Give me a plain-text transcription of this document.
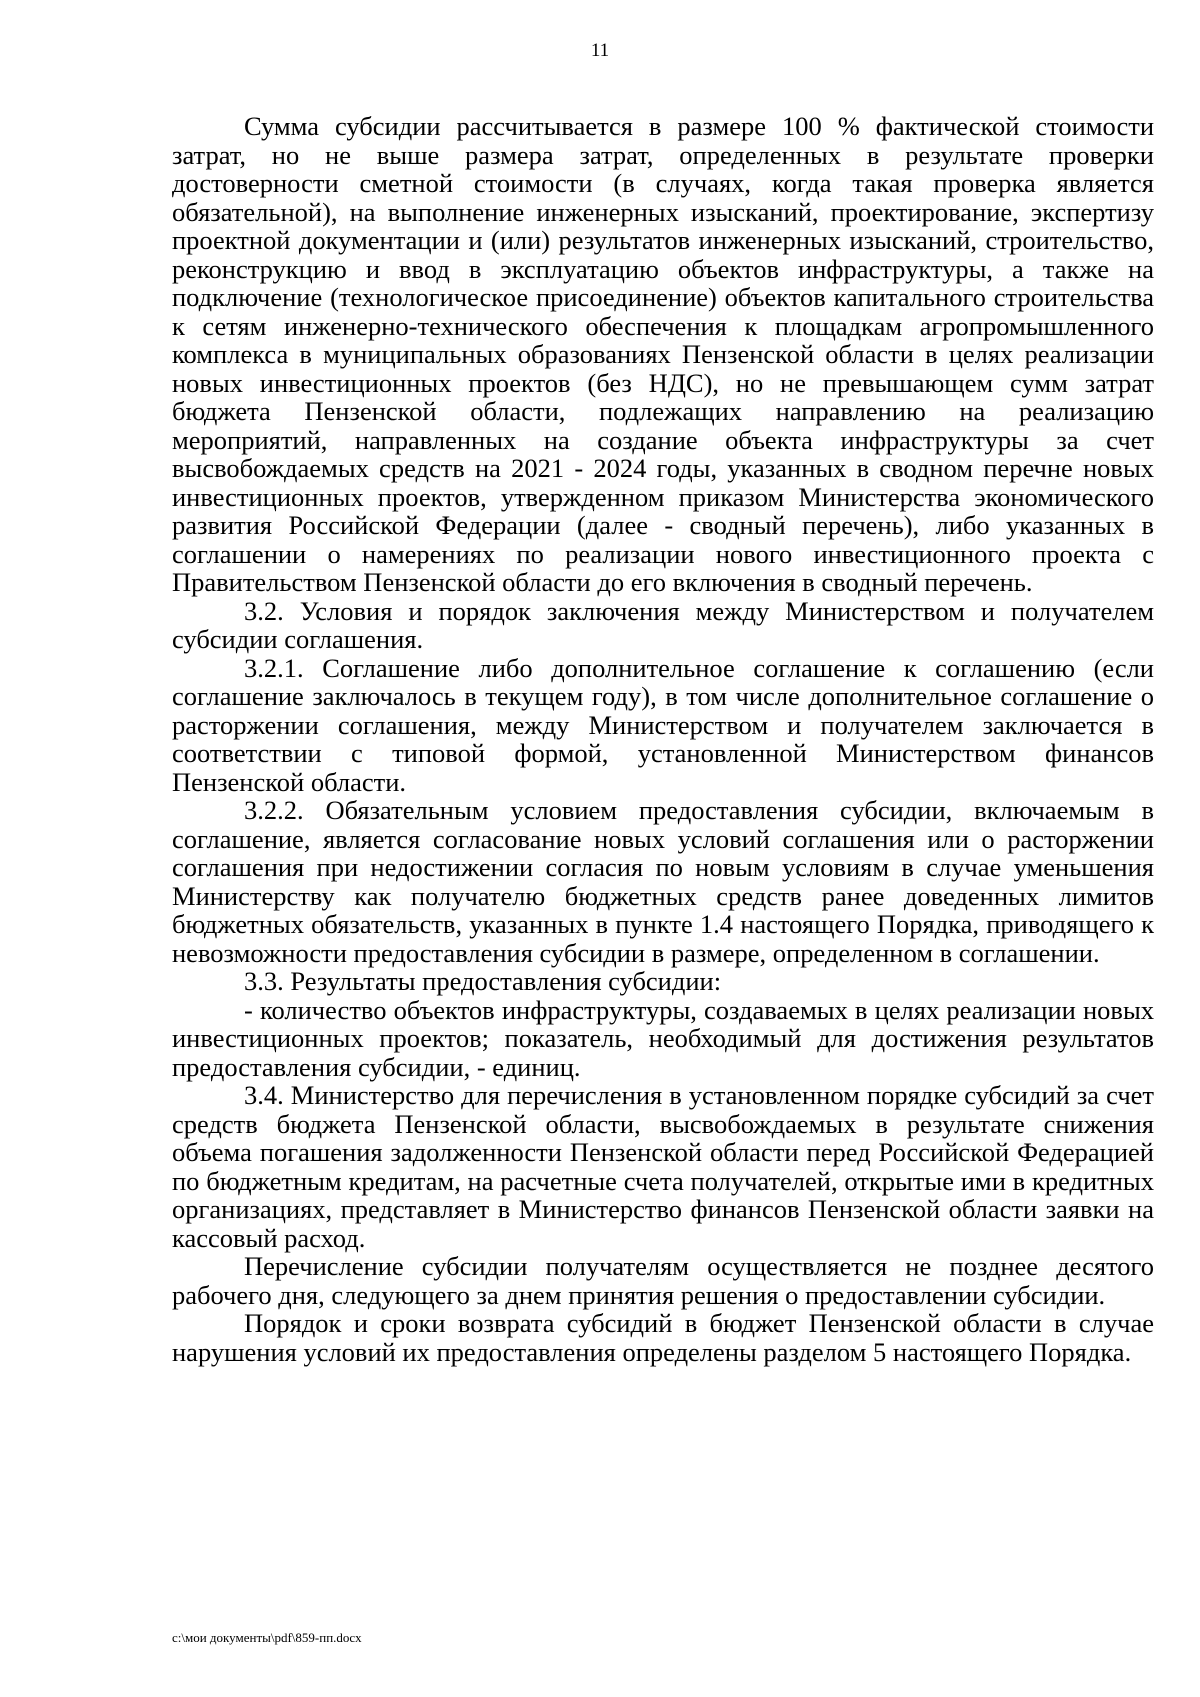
11

Сумма субсидии рассчитывается в размере 100 % фактической стоимости затрат, но не выше размера затрат, определенных в результате проверки достоверности сметной стоимости (в случаях, когда такая проверка является обязательной), на выполнение инженерных изысканий, проектирование, экспертизу проектной документации и (или) результатов инженерных изысканий, строительство, реконструкцию и ввод в эксплуатацию объектов инфраструктуры, а также на подключение (технологическое присоединение) объектов капитального строительства к сетям инженерно-технического обеспечения к площадкам агропромышленного комплекса в муниципальных образованиях Пензенской области в целях реализации новых инвестиционных проектов (без НДС), но не превышающем сумм затрат бюджета Пензенской области, подлежащих направлению на реализацию мероприятий, направленных на создание объекта инфраструктуры за счет высвобождаемых средств на 2021 - 2024 годы, указанных в сводном перечне новых инвестиционных проектов, утвержденном приказом Министерства экономического развития Российской Федерации (далее - сводный перечень), либо указанных в соглашении о намерениях по реализации нового инвестиционного проекта с Правительством Пензенской области до его включения в сводный перечень.

3.2. Условия и порядок заключения между Министерством и получателем субсидии соглашения.

3.2.1. Соглашение либо дополнительное соглашение к соглашению (если соглашение заключалось в текущем году), в том числе дополнительное соглашение о расторжении соглашения, между Министерством и получателем заключается в соответствии с типовой формой, установленной Министерством финансов Пензенской области.

3.2.2. Обязательным условием предоставления субсидии, включаемым в соглашение, является согласование новых условий соглашения или о расторжении соглашения при недостижении согласия по новым условиям в случае уменьшения Министерству как получателю бюджетных средств ранее доведенных лимитов бюджетных обязательств, указанных в пункте 1.4 настоящего Порядка, приводящего к невозможности предоставления субсидии в размере, определенном в соглашении.

3.3. Результаты предоставления субсидии:

- количество объектов инфраструктуры, создаваемых в целях реализации новых инвестиционных проектов; показатель, необходимый для достижения результатов предоставления субсидии, - единиц.

3.4. Министерство для перечисления в установленном порядке субсидий за счет средств бюджета Пензенской области, высвобождаемых в результате снижения объема погашения задолженности Пензенской области перед Российской Федерацией по бюджетным кредитам, на расчетные счета получателей, открытые ими в кредитных организациях, представляет в Министерство финансов Пензенской области заявки на кассовый расход.

Перечисление субсидии получателям осуществляется не позднее десятого рабочего дня, следующего за днем принятия решения о предоставлении субсидии.

Порядок и сроки возврата субсидий в бюджет Пензенской области в случае нарушения условий их предоставления определены разделом 5 настоящего Порядка.

c:\мои документы\pdf\859-пп.docx
